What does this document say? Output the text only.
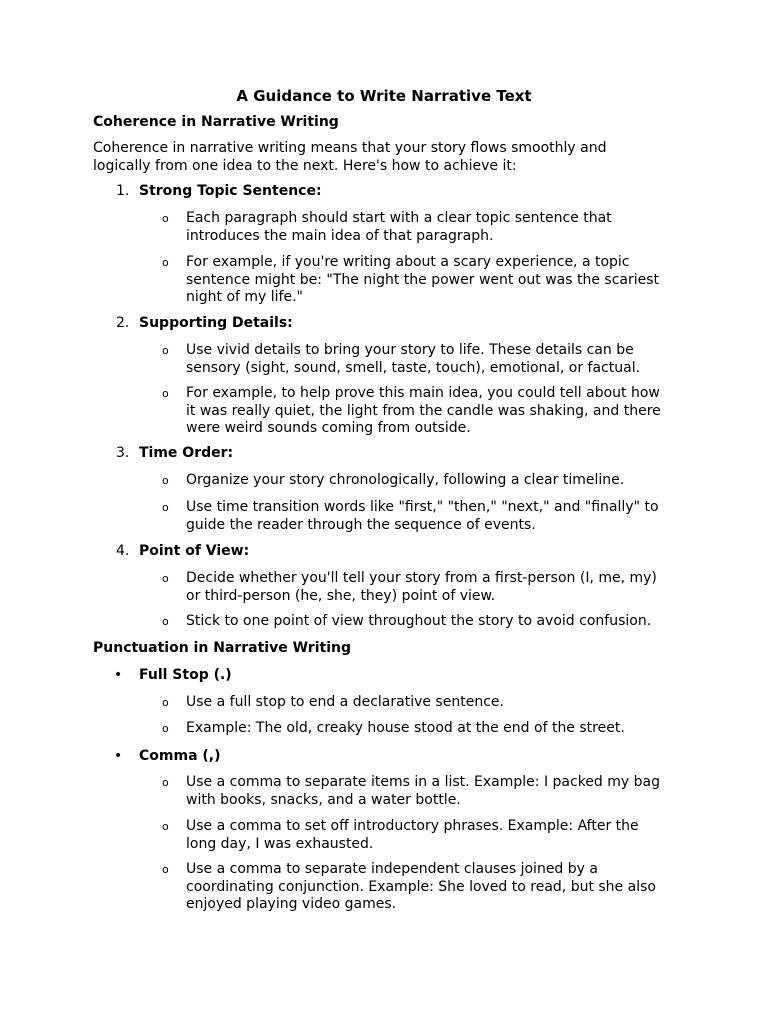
A Guidance to Write Narrative Text
Coherence in Narrative Writing
Coherence in narrative writing means that your story flows smoothly and logically from one idea to the next. Here's how to achieve it:
1. Strong Topic Sentence:
o Each paragraph should start with a clear topic sentence that introduces the main idea of that paragraph.
o For example, if you're writing about a scary experience, a topic sentence might be: "The night the power went out was the scariest night of my life."
2. Supporting Details:
o Use vivid details to bring your story to life. These details can be sensory (sight, sound, smell, taste, touch), emotional, or factual.
o For example, to help prove this main idea, you could tell about how it was really quiet, the light from the candle was shaking, and there were weird sounds coming from outside.
3. Time Order:
o Organize your story chronologically, following a clear timeline.
o Use time transition words like "first," "then," "next," and "finally" to guide the reader through the sequence of events.
4. Point of View:
o Decide whether you'll tell your story from a first-person (I, me, my) or third-person (he, she, they) point of view.
o Stick to one point of view throughout the story to avoid confusion.
Punctuation in Narrative Writing
• Full Stop (.)
o Use a full stop to end a declarative sentence.
o Example: The old, creaky house stood at the end of the street.
• Comma (,)
o Use a comma to separate items in a list. Example: I packed my bag with books, snacks, and a water bottle.
o Use a comma to set off introductory phrases. Example: After the long day, I was exhausted.
o Use a comma to separate independent clauses joined by a coordinating conjunction. Example: She loved to read, but she also enjoyed playing video games.
